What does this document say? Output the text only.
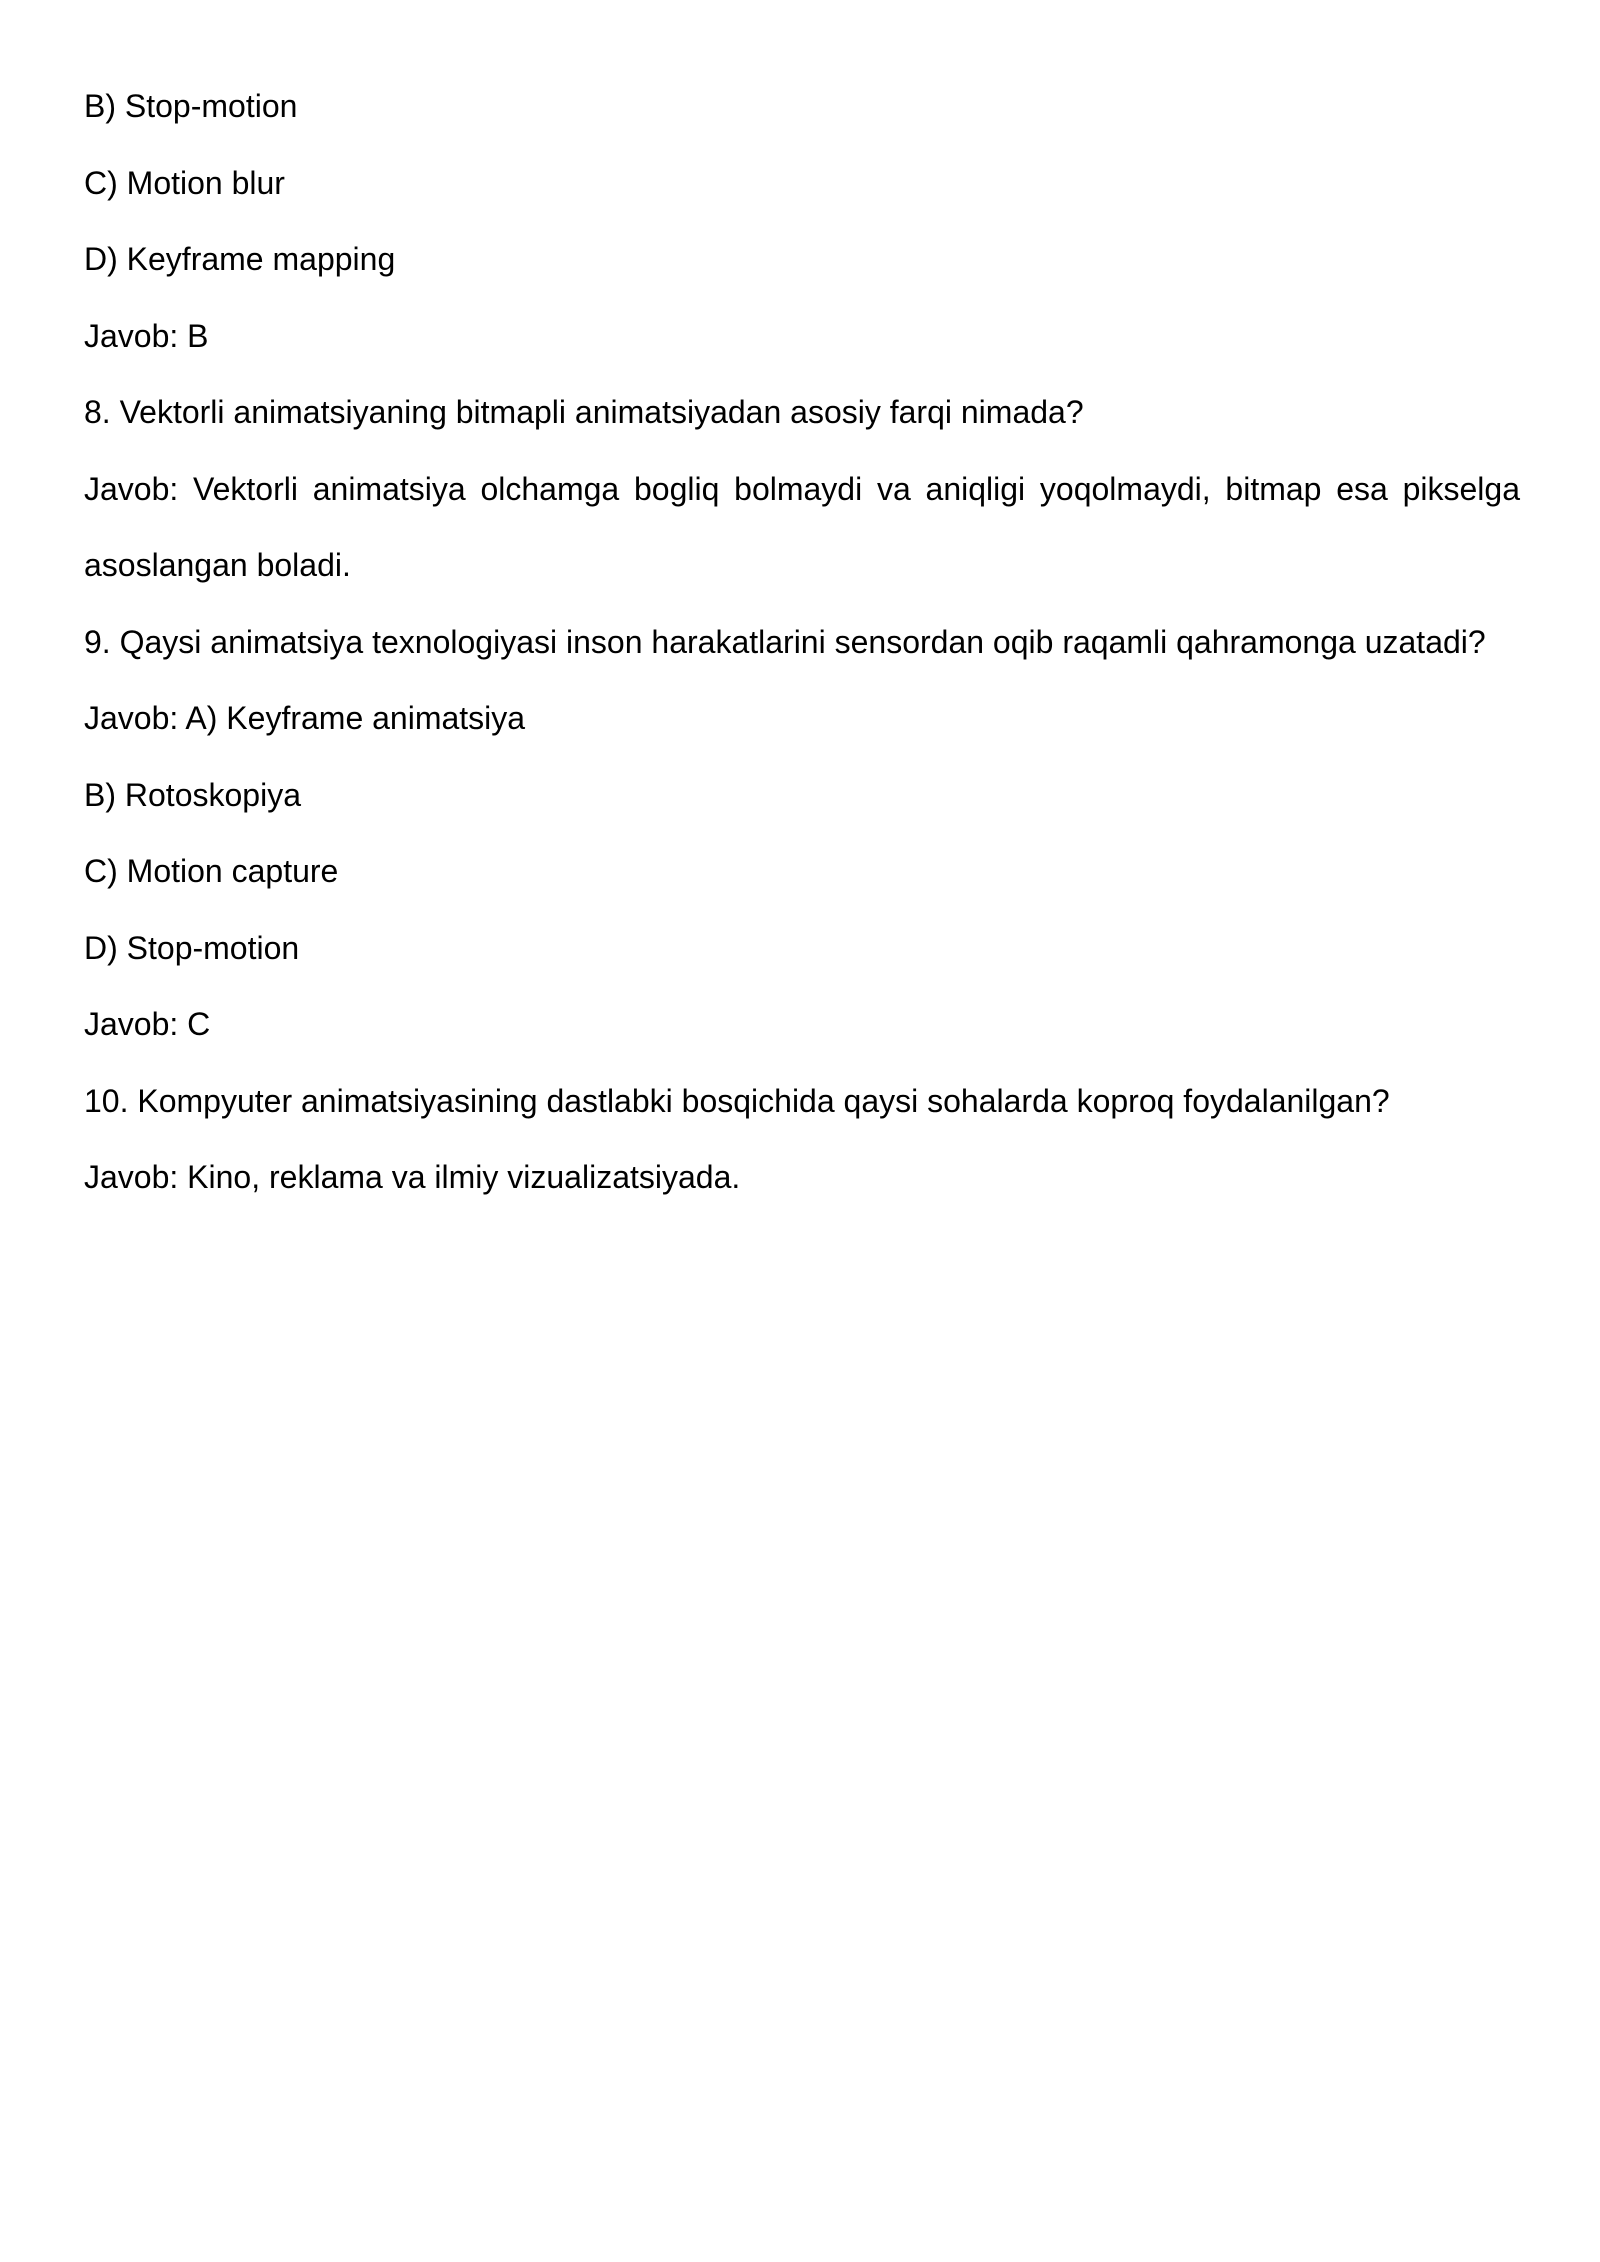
B) Stop-motion
C) Motion blur
D) Keyframe mapping
Javob: B
8. Vektorli animatsiyaning bitmapli animatsiyadan asosiy farqi nimada?
Javob: Vektorli animatsiya olchamga bogliq bolmaydi va aniqligi yoqolmaydi, bitmap esa pikselga
asoslangan boladi.
9. Qaysi animatsiya texnologiyasi inson harakatlarini sensordan oqib raqamli qahramonga uzatadi?
Javob: A) Keyframe animatsiya
B) Rotoskopiya
C) Motion capture
D) Stop-motion
Javob: C
10. Kompyuter animatsiyasining dastlabki bosqichida qaysi sohalarda koproq foydalanilgan?
Javob: Kino, reklama va ilmiy vizualizatsiyada.
